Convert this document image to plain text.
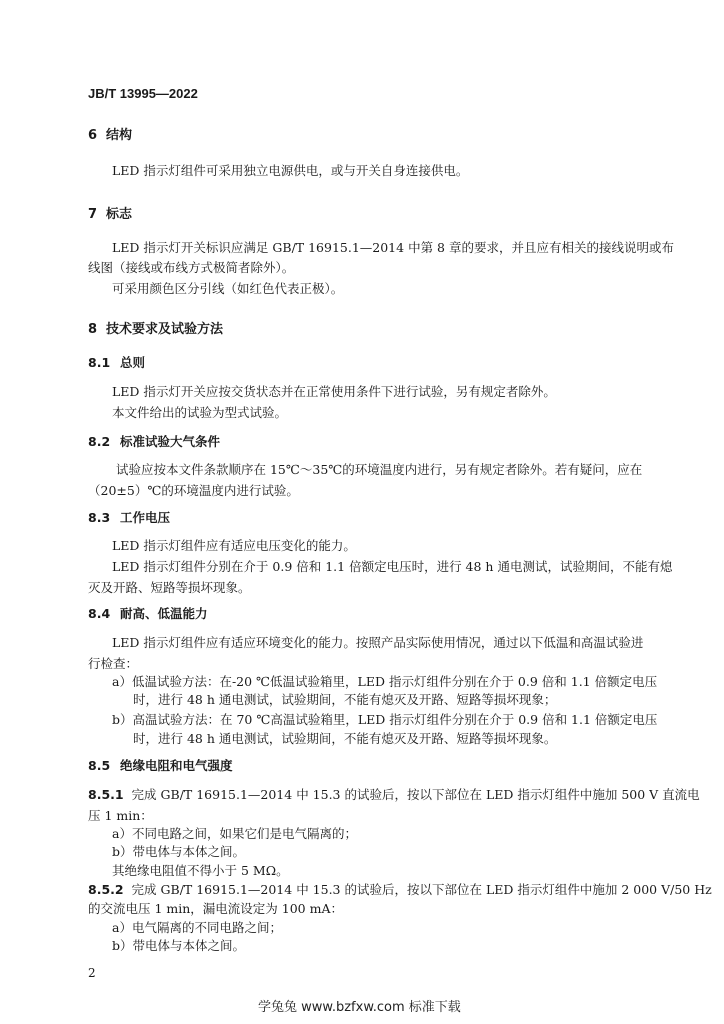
JB/T 13995—2022
6 结构
LED 指示灯组件可采用独立电源供电，或与开关自身连接供电。
7 标志
LED 指示灯开关标识应满足 GB/T 16915.1—2014 中第 8 章的要求，并且应有相关的接线说明或布
线图（接线或布线方式极简者除外）。
可采用颜色区分引线（如红色代表正极）。
8 技术要求及试验方法
8.1 总则
LED 指示灯开关应按交货状态并在正常使用条件下进行试验，另有规定者除外。
本文件给出的试验为型式试验。
8.2 标准试验大气条件
试验应按本文件条款顺序在 15℃～35℃的环境温度内进行，另有规定者除外。若有疑问，应在
（20±5）℃的环境温度内进行试验。
8.3 工作电压
LED 指示灯组件应有适应电压变化的能力。
LED 指示灯组件分别在介于 0.9 倍和 1.1 倍额定电压时，进行 48 h 通电测试，试验期间，不能有熄
灭及开路、短路等损坏现象。
8.4 耐高、低温能力
LED 指示灯组件应有适应环境变化的能力。按照产品实际使用情况，通过以下低温和高温试验进
行检查：
a）低温试验方法：在-20 ℃低温试验箱里，LED 指示灯组件分别在介于 0.9 倍和 1.1 倍额定电压
时，进行 48 h 通电测试，试验期间，不能有熄灭及开路、短路等损坏现象；
b）高温试验方法：在 70 ℃高温试验箱里，LED 指示灯组件分别在介于 0.9 倍和 1.1 倍额定电压
时，进行 48 h 通电测试，试验期间，不能有熄灭及开路、短路等损坏现象。
8.5 绝缘电阻和电气强度
8.5.1 完成 GB/T 16915.1—2014 中 15.3 的试验后，按以下部位在 LED 指示灯组件中施加 500 V 直流电
压 1 min：
a）不同电路之间，如果它们是电气隔离的；
b）带电体与本体之间。
其绝缘电阻值不得小于 5 MΩ。
8.5.2 完成 GB/T 16915.1—2014 中 15.3 的试验后，按以下部位在 LED 指示灯组件中施加 2 000 V/50 Hz
的交流电压 1 min，漏电流设定为 100 mA：
a）电气隔离的不同电路之间；
b）带电体与本体之间。
2
学兔兔 www.bzfxw.com 标准下载
